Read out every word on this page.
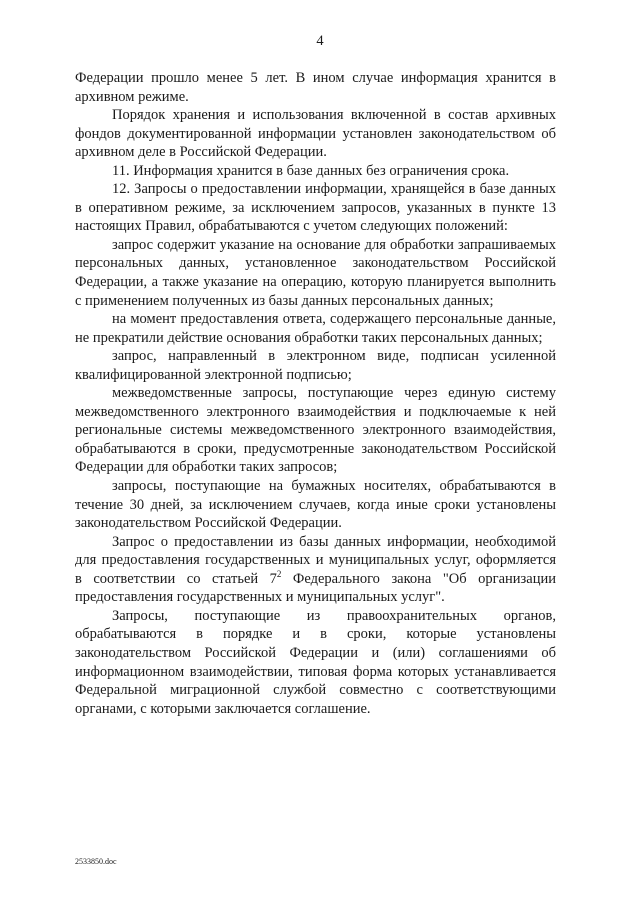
4

Федерации прошло менее 5 лет. В ином случае информация хранится в архивном режиме.

Порядок хранения и использования включенной в состав архивных фондов документированной информации установлен законодательством об архивном деле в Российской Федерации.

11. Информация хранится в базе данных без ограничения срока.

12. Запросы о предоставлении информации, хранящейся в базе данных в оперативном режиме, за исключением запросов, указанных в пункте 13 настоящих Правил, обрабатываются с учетом следующих положений:

запрос содержит указание на основание для обработки запрашиваемых персональных данных, установленное законодательством Российской Федерации, а также указание на операцию, которую планируется выполнить с применением полученных из базы данных персональных данных;

на момент предоставления ответа, содержащего персональные данные, не прекратили действие основания обработки таких персональных данных;

запрос, направленный в электронном виде, подписан усиленной квалифицированной электронной подписью;

межведомственные запросы, поступающие через единую систему межведомственного электронного взаимодействия и подключаемые к ней региональные системы межведомственного электронного взаимодействия, обрабатываются в сроки, предусмотренные законодательством Российской Федерации для обработки таких запросов;

запросы, поступающие на бумажных носителях, обрабатываются в течение 30 дней, за исключением случаев, когда иные сроки установлены законодательством Российской Федерации.

Запрос о предоставлении из базы данных информации, необходимой для предоставления государственных и муниципальных услуг, оформляется в соответствии со статьей $7^2$ Федерального закона "Об организации предоставления государственных и муниципальных услуг".

Запросы, поступающие из правоохранительных органов, обрабатываются в порядке и в сроки, которые установлены законодательством Российской Федерации и (или) соглашениями об информационном взаимодействии, типовая форма которых устанавливается Федеральной миграционной службой совместно с соответствующими органами, с которыми заключается соглашение.

2533850.doc
